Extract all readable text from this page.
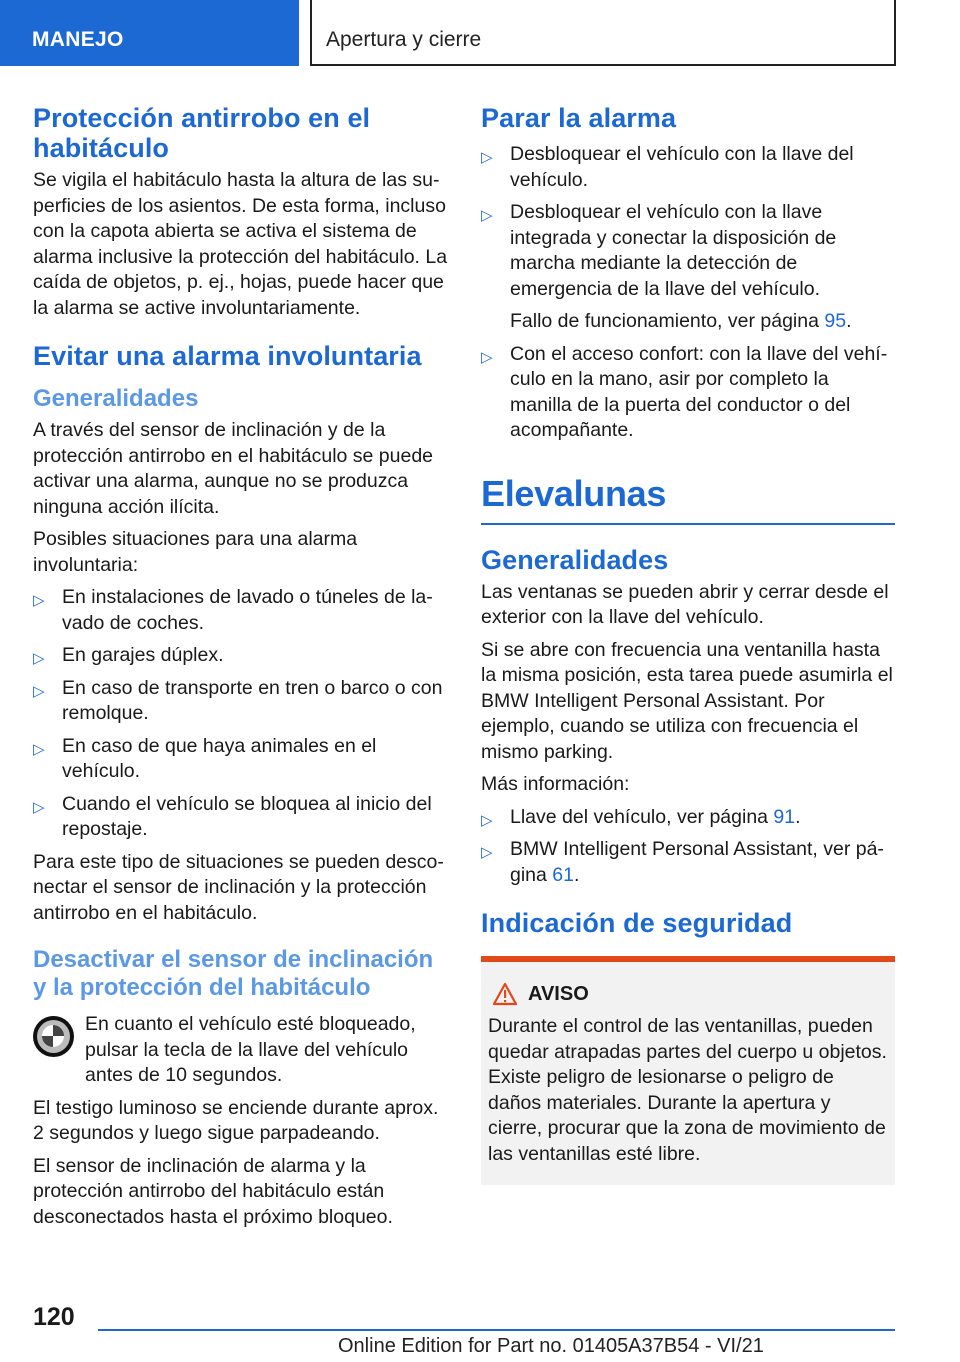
MANEJO	Apertura y cierre
Protección antirrobo en el habitáculo

Se vigila el habitáculo hasta la altura de las superficies de los asientos. De esta forma, incluso con la capota abierta se activa el sistema de alarma inclusive la protección del habitáculo. La caída de objetos, p. ej., hojas, puede hacer que la alarma se active involuntariamente.

Evitar una alarma involuntaria
Generalidades

A través del sensor de inclinación y de la protección antirrobo en el habitáculo se puede activar una alarma, aunque no se produzca ninguna acción ilícita.

Posibles situaciones para una alarma involuntaria:

▷ En instalaciones de lavado o túneles de lavado de coches.
▷ En garajes dúplex.
▷ En caso de transporte en tren o barco o con remolque.
▷ En caso de que haya animales en el vehículo.
▷ Cuando el vehículo se bloquea al inicio del repostaje.

Para este tipo de situaciones se pueden desconectar el sensor de inclinación y la protección antirrobo en el habitáculo.

Desactivar el sensor de inclinación y la protección del habitáculo
En cuanto el vehículo esté bloqueado, pulsar la tecla de la llave del vehículo antes de 10 segundos.

El testigo luminoso se enciende durante aprox. 2 segundos y luego sigue parpadeando.

El sensor de inclinación de alarma y la protección antirrobo del habitáculo están desconectados hasta el próximo bloqueo.

Parar la alarma
▷ Desbloquear el vehículo con la llave del vehículo.
▷ Desbloquear el vehículo con la llave integrada y conectar la disposición de marcha mediante la detección de emergencia de la llave del vehículo.
Fallo de funcionamiento, ver página 95.
▷ Con el acceso confort: con la llave del vehículo en la mano, asir por completo la manilla de la puerta del conductor o del acompañante.
Elevalunas
Generalidades

Las ventanas se pueden abrir y cerrar desde el exterior con la llave del vehículo.

Si se abre con frecuencia una ventanilla hasta la misma posición, esta tarea puede asumirla el BMW Intelligent Personal Assistant. Por ejemplo, cuando se utiliza con frecuencia el mismo parking.

Más información:

▷ Llave del vehículo, ver página 91.
▷ BMW Intelligent Personal Assistant, ver página 61.
Indicación de seguridad
AVISO

Durante el control de las ventanillas, pueden quedar atrapadas partes del cuerpo u objetos. Existe peligro de lesionarse o peligro de daños materiales. Durante la apertura y cierre, procurar que la zona de movimiento de las ventanillas esté libre.

120
Online Edition for Part no. 01405A37B54 - VI/21
